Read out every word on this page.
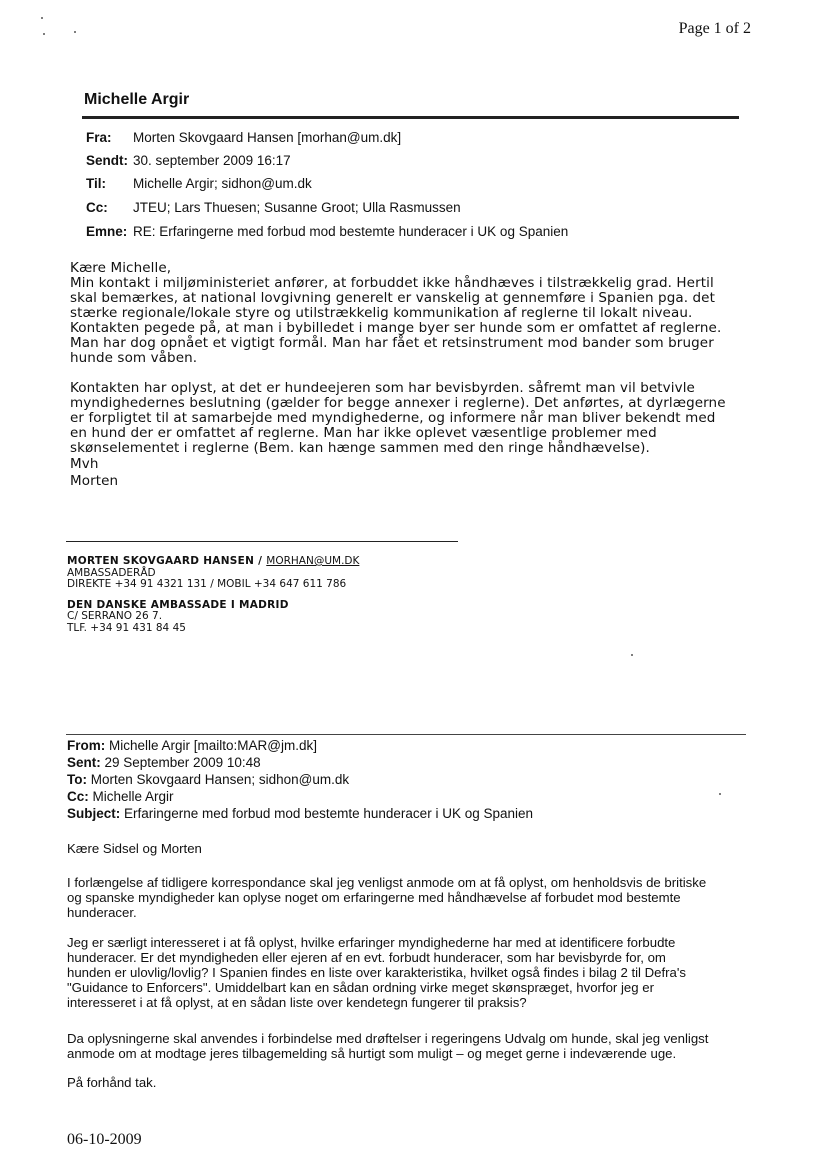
Page 1 of 2
Michelle Argir
Fra: Morten Skovgaard Hansen [morhan@um.dk]
Sendt: 30. september 2009 16:17
Til: Michelle Argir; sidhon@um.dk
Cc: JTEU; Lars Thuesen; Susanne Groot; Ulla Rasmussen
Emne: RE: Erfaringerne med forbud mod bestemte hunderacer i UK og Spanien

Kære Michelle,

Min kontakt i miljøministeriet anfører, at forbuddet ikke håndhæves i tilstrækkelig grad. Hertil

skal bemærkes, at national lovgivning generelt er vanskelig at gennemføre i Spanien pga. det

stærke regionale/lokale styre og utilstrækkelig kommunikation af reglerne til lokalt niveau.

Kontakten pegede på, at man i bybilledet i mange byer ser hunde som er omfattet af reglerne.

Man har dog opnået et vigtigt formål. Man har fået et retsinstrument mod bander som bruger

hunde som våben.

Kontakten har oplyst, at det er hundeejeren som har bevisbyrden. såfremt man vil betvivle

myndighedernes beslutning (gælder for begge annexer i reglerne). Det anførtes, at dyrlægerne

er forpligtet til at samarbejde med myndighederne, og informere når man bliver bekendt med

en hund der er omfattet af reglerne. Man har ikke oplevet væsentlige problemer med

skønselementet i reglerne (Bem. kan hænge sammen med den ringe håndhævelse).

Mvh

Morten

MORTEN SKOVGAARD HANSEN / MORHAN@UM.DK
AMBASSADERÅD
DIREKTE +34 91 4321 131 / MOBIL +34 647 611 786
DEN DANSKE AMBASSADE I MADRID
C/ SERRANO 26 7.
TLF. +34 91 431 84 45
From: Michelle Argir [mailto:MAR@jm.dk]
Sent: 29 September 2009 10:48
To: Morten Skovgaard Hansen; sidhon@um.dk
Cc: Michelle Argir
Subject: Erfaringerne med forbud mod bestemte hunderacer i UK og Spanien
Kære Sidsel og Morten

I forlængelse af tidligere korrespondance skal jeg venligst anmode om at få oplyst, om henholdsvis de britiske

og spanske myndigheder kan oplyse noget om erfaringerne med håndhævelse af forbudet mod bestemte

hunderacer.

Jeg er særligt interesseret i at få oplyst, hvilke erfaringer myndighederne har med at identificere forbudte

hunderacer. Er det myndigheden eller ejeren af en evt. forbudt hunderacer, som har bevisbyrde for, om

hunden er ulovlig/lovlig? I Spanien findes en liste over karakteristika, hvilket også findes i bilag 2 til Defra's

"Guidance to Enforcers". Umiddelbart kan en sådan ordning virke meget skønspræget, hvorfor jeg er

interesseret i at få oplyst, at en sådan liste over kendetegn fungerer til praksis?

Da oplysningerne skal anvendes i forbindelse med drøftelser i regeringens Udvalg om hunde, skal jeg venligst

anmode om at modtage jeres tilbagemelding så hurtigt som muligt – og meget gerne i indeværende uge.

På forhånd tak.
06-10-2009
